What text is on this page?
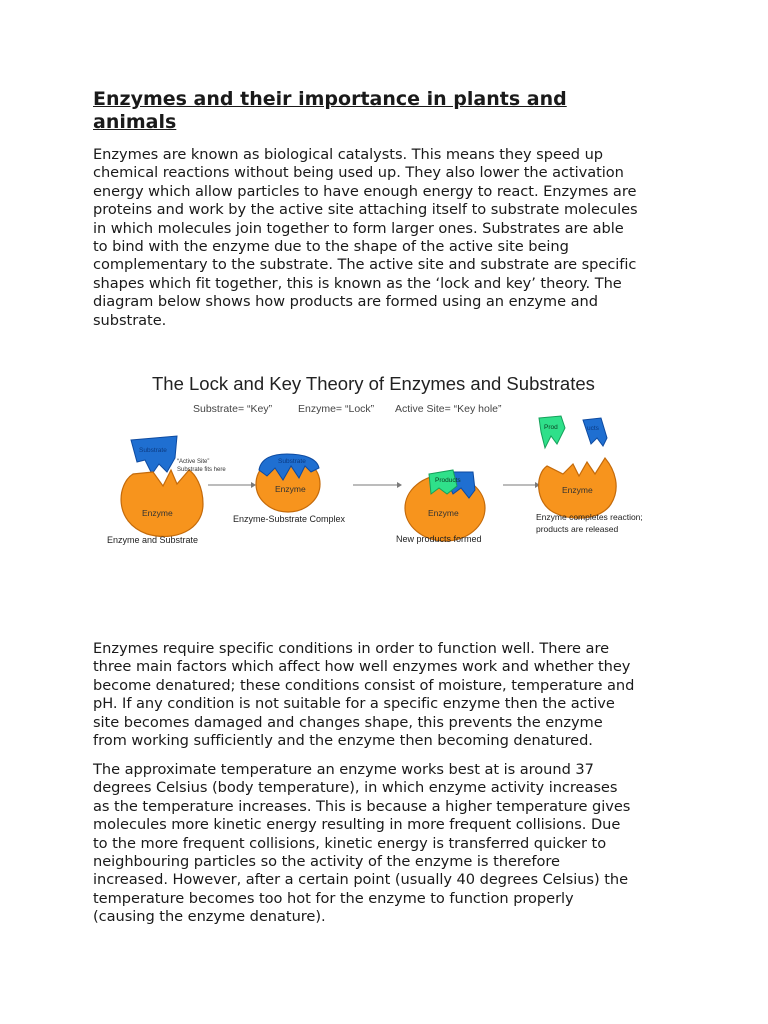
Enzymes and their importance in plants and animals
Enzymes are known as biological catalysts. This means they speed up
chemical reactions without being used up. They also lower the activation
energy which allow particles to have enough energy to react. Enzymes are
proteins and work by the active site attaching itself to substrate molecules
in which molecules join together to form larger ones. Substrates are able
to bind with the enzyme due to the shape of the active site being
complementary to the substrate. The active site and substrate are specific
shapes which fit together, this is known as the ‘lock and key’ theory. The
diagram below shows how products are formed using an enzyme and
substrate.
The Lock and Key Theory of Enzymes and Substrates
Substrate= “Key” Enzyme= “Lock” Active Site= “Key hole”
Substrate
Enzyme
“Active Site”
Substrate fits here
Enzyme and Substrate
Substrate
Enzyme
Enzyme-Substrate Complex
Products
Enzyme
New products formed
Enzyme
Prod	ucts
Enzyme completes reaction;
products are released
Enzymes require specific conditions in order to function well. There are
three main factors which affect how well enzymes work and whether they
become denatured; these conditions consist of moisture, temperature and
pH. If any condition is not suitable for a specific enzyme then the active
site becomes damaged and changes shape, this prevents the enzyme
from working sufficiently and the enzyme then becoming denatured.
The approximate temperature an enzyme works best at is around 37
degrees Celsius (body temperature), in which enzyme activity increases
as the temperature increases. This is because a higher temperature gives
molecules more kinetic energy resulting in more frequent collisions. Due
to the more frequent collisions, kinetic energy is transferred quicker to
neighbouring particles so the activity of the enzyme is therefore
increased. However, after a certain point (usually 40 degrees Celsius) the
temperature becomes too hot for the enzyme to function properly
(causing the enzyme denature).
